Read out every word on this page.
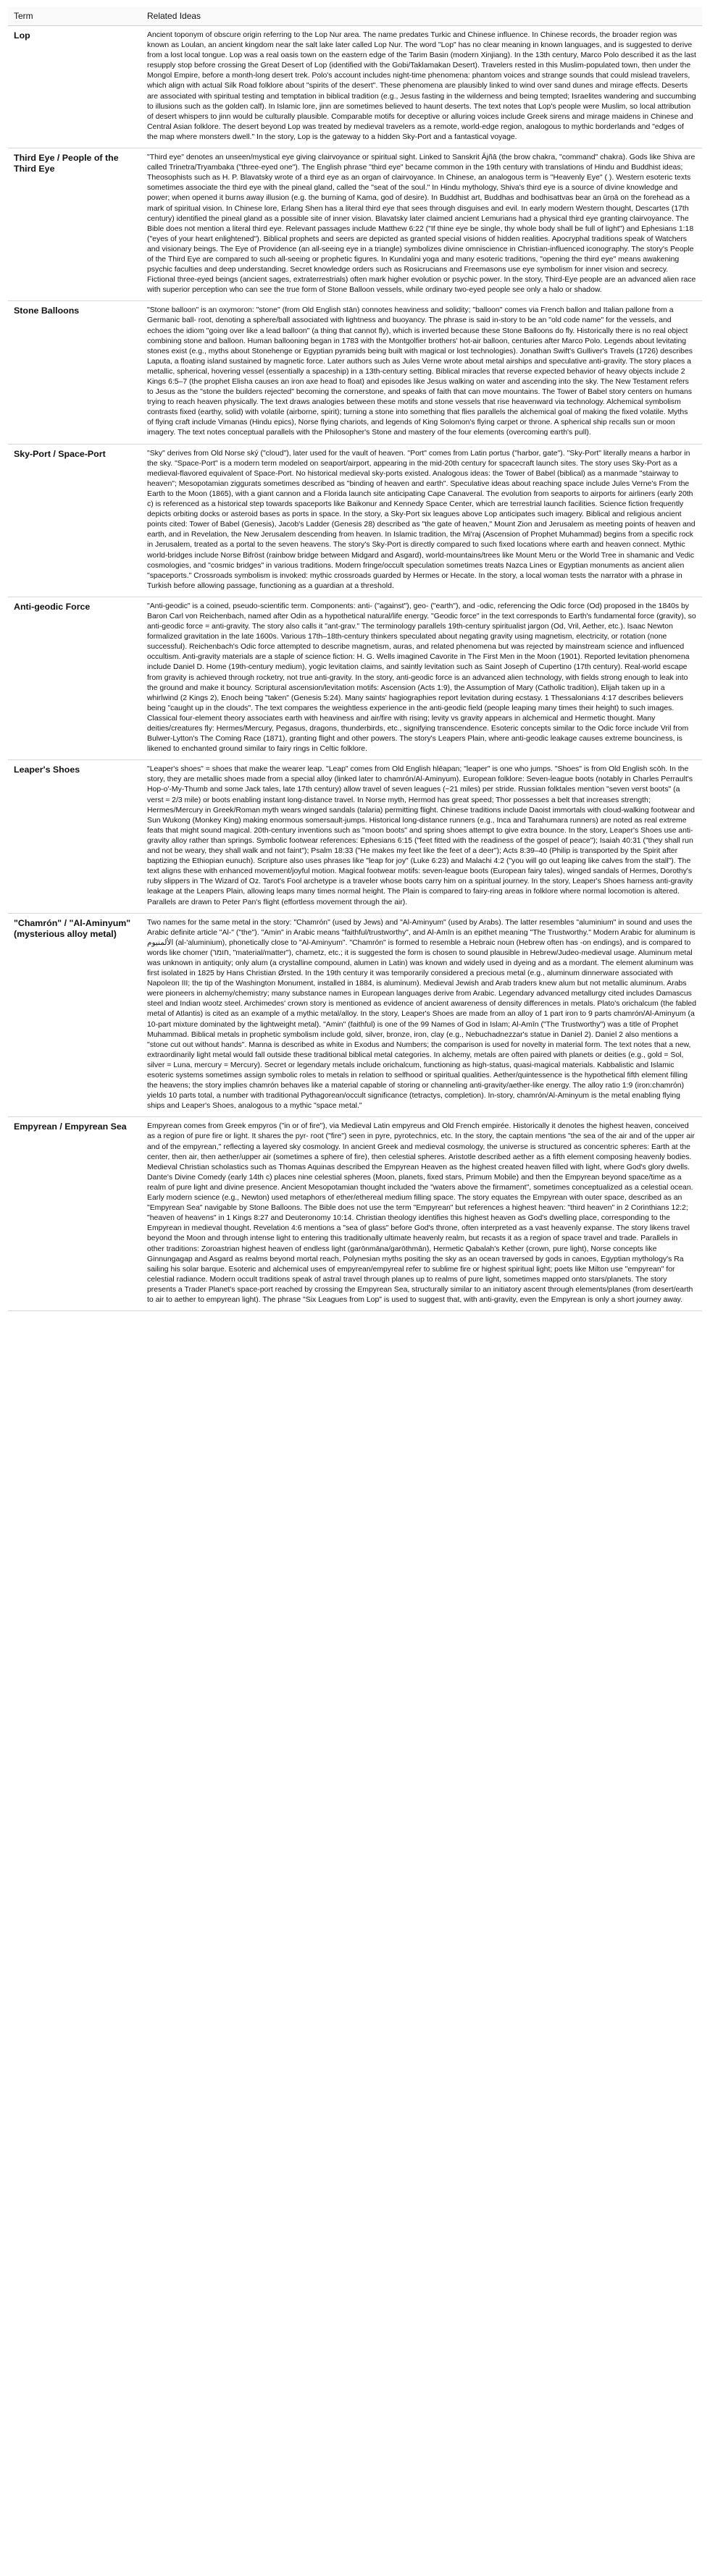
Term	Related Ideas
Lop	Ancient toponym of obscure origin referring to the Lop Nur area. The name predates Turkic and Chinese influence. In Chinese records, the broader region was known as Loulan, an ancient kingdom near the salt lake later called Lop Nur. The word "Lop" has no clear meaning in known languages, and is suggested to derive from a lost local tongue. Lop was a real oasis town on the eastern edge of the Tarim Basin (modern Xinjiang). In the 13th century, Marco Polo described it as the last resupply stop before crossing the Great Desert of Lop (identified with the Gobi/Taklamakan Desert). Travelers rested in this Muslim-populated town, then under the Mongol Empire, before a month-long desert trek. Polo's account includes night-time phenomena: phantom voices and strange sounds that could mislead travelers, which align with actual Silk Road folklore about "spirits of the desert". These phenomena are plausibly linked to wind over sand dunes and mirage effects. Deserts are associated with spiritual testing and temptation in biblical tradition (e.g., Jesus fasting in the wilderness and being tempted; Israelites wandering and succumbing to illusions such as the golden calf). In Islamic lore, jinn are sometimes believed to haunt deserts. The text notes that Lop's people were Muslim, so local attribution of desert whispers to jinn would be culturally plausible. Comparable motifs for deceptive or alluring voices include Greek sirens and mirage maidens in Chinese and Central Asian folklore. The desert beyond Lop was treated by medieval travelers as a remote, world-edge region, analogous to mythic borderlands and "edges of the map where monsters dwell." In the story, Lop is the gateway to a hidden Sky-Port and a fantastical voyage.
Third Eye / People of the Third Eye	"Third eye" denotes an unseen/mystical eye giving clairvoyance or spiritual sight. Linked to Sanskrit Ājñā (the brow chakra, "command" chakra). Gods like Shiva are called Trinetra/Tryambaka ("three-eyed one"). The English phrase "third eye" became common in the 19th century with translations of Hindu and Buddhist ideas; Theosophists such as H. P. Blavatsky wrote of a third eye as an organ of clairvoyance. In Chinese, an analogous term is "Heavenly Eye" ( ). Western esoteric texts sometimes associate the third eye with the pineal gland, called the "seat of the soul." In Hindu mythology, Shiva's third eye is a source of divine knowledge and power; when opened it burns away illusion (e.g. the burning of Kama, god of desire). In Buddhist art, Buddhas and bodhisattvas bear an ūrṇā on the forehead as a mark of spiritual vision. In Chinese lore, Erlang Shen has a literal third eye that sees through disguises and evil. In early modern Western thought, Descartes (17th century) identified the pineal gland as a possible site of inner vision. Blavatsky later claimed ancient Lemurians had a physical third eye granting clairvoyance. The Bible does not mention a literal third eye. Relevant passages include Matthew 6:22 ("If thine eye be single, thy whole body shall be full of light") and Ephesians 1:18 ("eyes of your heart enlightened"). Biblical prophets and seers are depicted as granted special visions of hidden realities. Apocryphal traditions speak of Watchers and visionary beings. The Eye of Providence (an all-seeing eye in a triangle) symbolizes divine omniscience in Christian-influenced iconography. The story's People of the Third Eye are compared to such all-seeing or prophetic figures. In Kundalini yoga and many esoteric traditions, "opening the third eye" means awakening psychic faculties and deep understanding. Secret knowledge orders such as Rosicrucians and Freemasons use eye symbolism for inner vision and secrecy. Fictional three-eyed beings (ancient sages, extraterrestrials) often mark higher evolution or psychic power. In the story, Third-Eye people are an advanced alien race with superior perception who can see the true form of Stone Balloon vessels, while ordinary two-eyed people see only a halo or shadow.
Stone Balloons	"Stone balloon" is an oxymoron: "stone" (from Old English stān) connotes heaviness and solidity; "balloon" comes via French ballon and Italian pallone from a Germanic ball- root, denoting a sphere/ball associated with lightness and buoyancy. The phrase is said in-story to be an "old code name" for the vessels, and echoes the idiom "going over like a lead balloon" (a thing that cannot fly), which is inverted because these Stone Balloons do fly. Historically there is no real object combining stone and balloon. Human ballooning began in 1783 with the Montgolfier brothers' hot-air balloon, centuries after Marco Polo. Legends about levitating stones exist (e.g., myths about Stonehenge or Egyptian pyramids being built with magical or lost technologies). Jonathan Swift's Gulliver's Travels (1726) describes Laputa, a floating island sustained by magnetic force. Later authors such as Jules Verne wrote about metal airships and speculative anti-gravity. The story places a metallic, spherical, hovering vessel (essentially a spaceship) in a 13th-century setting. Biblical miracles that reverse expected behavior of heavy objects include 2 Kings 6:5–7 (the prophet Elisha causes an iron axe head to float) and episodes like Jesus walking on water and ascending into the sky. The New Testament refers to Jesus as the "stone the builders rejected" becoming the cornerstone, and speaks of faith that can move mountains. The Tower of Babel story centers on humans trying to reach heaven physically. The text draws analogies between these motifs and stone vessels that rise heavenward via technology. Alchemical symbolism contrasts fixed (earthy, solid) with volatile (airborne, spirit); turning a stone into something that flies parallels the alchemical goal of making the fixed volatile. Myths of flying craft include Vimanas (Hindu epics), Norse flying chariots, and legends of King Solomon's flying carpet or throne. A spherical ship recalls sun or moon imagery. The text notes conceptual parallels with the Philosopher's Stone and mastery of the four elements (overcoming earth's pull).
Sky-Port / Space-Port	"Sky" derives from Old Norse ský ("cloud"), later used for the vault of heaven. "Port" comes from Latin portus ("harbor, gate"). "Sky-Port" literally means a harbor in the sky. "Space-Port" is a modern term modeled on seaport/airport, appearing in the mid-20th century for spacecraft launch sites. The story uses Sky-Port as a medieval-flavored equivalent of Space-Port. No historical medieval sky-ports existed. Analogous ideas: the Tower of Babel (biblical) as a manmade "stairway to heaven"; Mesopotamian ziggurats sometimes described as "binding of heaven and earth". Speculative ideas about reaching space include Jules Verne's From the Earth to the Moon (1865), with a giant cannon and a Florida launch site anticipating Cape Canaveral. The evolution from seaports to airports for airliners (early 20th c) is referenced as a historical step towards spaceports like Baikonur and Kennedy Space Center, which are terrestrial launch facilities. Science fiction frequently depicts orbiting docks or asteroid bases as ports in space. In the story, a Sky-Port six leagues above Lop anticipates such imagery. Biblical and religious ancient points cited: Tower of Babel (Genesis), Jacob's Ladder (Genesis 28) described as "the gate of heaven," Mount Zion and Jerusalem as meeting points of heaven and earth, and in Revelation, the New Jerusalem descending from heaven. In Islamic tradition, the Mi'raj (Ascension of Prophet Muhammad) begins from a specific rock in Jerusalem, treated as a portal to the seven heavens. The story's Sky-Port is directly compared to such fixed locations where earth and heaven connect. Mythic world-bridges include Norse Bifröst (rainbow bridge between Midgard and Asgard), world-mountains/trees like Mount Meru or the World Tree in shamanic and Vedic cosmologies, and "cosmic bridges" in various traditions. Modern fringe/occult speculation sometimes treats Nazca Lines or Egyptian monuments as ancient alien "spaceports." Crossroads symbolism is invoked: mythic crossroads guarded by Hermes or Hecate. In the story, a local woman tests the narrator with a phrase in Turkish before allowing passage, functioning as a guardian at a threshold.
Anti-geodic Force	"Anti-geodic" is a coined, pseudo-scientific term. Components: anti- ("against"), geo- ("earth"), and -odic, referencing the Odic force (Od) proposed in the 1840s by Baron Carl von Reichenbach, named after Odin as a hypothetical natural/life energy. "Geodic force" in the text corresponds to Earth's fundamental force (gravity), so anti-geodic force = anti-gravity. The story also calls it "ant-grav." The terminology parallels 19th-century spiritualist jargon (Od, Vril, Aether, etc.). Isaac Newton formalized gravitation in the late 1600s. Various 17th–18th-century thinkers speculated about negating gravity using magnetism, electricity, or rotation (none successful). Reichenbach's Odic force attempted to describe magnetism, auras, and related phenomena but was rejected by mainstream science and influenced occultism. Anti-gravity materials are a staple of science fiction: H. G. Wells imagined Cavorite in The First Men in the Moon (1901). Reported levitation phenomena include Daniel D. Home (19th-century medium), yogic levitation claims, and saintly levitation such as Saint Joseph of Cupertino (17th century). Real-world escape from gravity is achieved through rocketry, not true anti-gravity. In the story, anti-geodic force is an advanced alien technology, with fields strong enough to leak into the ground and make it bouncy. Scriptural ascension/levitation motifs: Ascension (Acts 1:9), the Assumption of Mary (Catholic tradition), Elijah taken up in a whirlwind (2 Kings 2), Enoch being "taken" (Genesis 5:24). Many saints' hagiographies report levitation during ecstasy. 1 Thessalonians 4:17 describes believers being "caught up in the clouds". The text compares the weightless experience in the anti-geodic field (people leaping many times their height) to such images. Classical four-element theory associates earth with heaviness and air/fire with rising; levity vs gravity appears in alchemical and Hermetic thought. Many deities/creatures fly: Hermes/Mercury, Pegasus, dragons, thunderbirds, etc., signifying transcendence. Esoteric concepts similar to the Odic force include Vril from Bulwer-Lytton's The Coming Race (1871), granting flight and other powers. The story's Leapers Plain, where anti-geodic leakage causes extreme bounciness, is likened to enchanted ground similar to fairy rings in Celtic folklore.
Leaper's Shoes	"Leaper's shoes" = shoes that make the wearer leap. "Leap" comes from Old English hlēapan; "leaper" is one who jumps. "Shoes" is from Old English scōh. In the story, they are metallic shoes made from a special alloy (linked later to chamrón/Al-Aminyum). European folklore: Seven-league boots (notably in Charles Perrault's Hop-o'-My-Thumb and some Jack tales, late 17th century) allow travel of seven leagues (~21 miles) per stride. Russian folktales mention "seven verst boots" (a verst ≈ 2/3 mile) or boots enabling instant long-distance travel. In Norse myth, Hermod has great speed; Thor possesses a belt that increases strength; Hermes/Mercury in Greek/Roman myth wears winged sandals (talaria) permitting flight. Chinese traditions include Daoist immortals with cloud-walking footwear and Sun Wukong (Monkey King) making enormous somersault-jumps. Historical long-distance runners (e.g., Inca and Tarahumara runners) are noted as real extreme feats that might sound magical. 20th-century inventions such as "moon boots" and spring shoes attempt to give extra bounce. In the story, Leaper's Shoes use anti-gravity alloy rather than springs. Symbolic footwear references: Ephesians 6:15 ("feet fitted with the readiness of the gospel of peace"); Isaiah 40:31 ("they shall run and not be weary, they shall walk and not faint"); Psalm 18:33 ("He makes my feet like the feet of a deer"); Acts 8:39–40 (Philip is transported by the Spirit after baptizing the Ethiopian eunuch). Scripture also uses phrases like "leap for joy" (Luke 6:23) and Malachi 4:2 ("you will go out leaping like calves from the stall"). The text aligns these with enhanced movement/joyful motion. Magical footwear motifs: seven-league boots (European fairy tales), winged sandals of Hermes, Dorothy's ruby slippers in The Wizard of Oz. Tarot's Fool archetype is a traveler whose boots carry him on a spiritual journey. In the story, Leaper's Shoes harness anti-gravity leakage at the Leapers Plain, allowing leaps many times normal height. The Plain is compared to fairy-ring areas in folklore where normal locomotion is altered. Parallels are drawn to Peter Pan's flight (effortless movement through the air).
"Chamrón" / "Al-Aminyum" (mysterious alloy metal)	Two names for the same metal in the story: "Chamrón" (used by Jews) and "Al-Aminyum" (used by Arabs). The latter resembles "aluminium" in sound and uses the Arabic definite article "Al-" ("the"). "Amin" in Arabic means "faithful/trustworthy", and Al-Amīn is an epithet meaning "The Trustworthy." Modern Arabic for aluminum is الألمنيوم (al-'aluminium), phonetically close to "Al-Aminyum". "Chamrón" is formed to resemble a Hebraic noun (Hebrew often has -on endings), and is compared to words like chomer (חומר, "material/matter"), chametz, etc.; it is suggested the form is chosen to sound plausible in Hebrew/Judeo-medieval usage. Aluminum metal was unknown in antiquity; only alum (a crystalline compound, alumen in Latin) was known and widely used in dyeing and as a mordant. The element aluminum was first isolated in 1825 by Hans Christian Ørsted. In the 19th century it was temporarily considered a precious metal (e.g., aluminum dinnerware associated with Napoleon III; the tip of the Washington Monument, installed in 1884, is aluminum). Medieval Jewish and Arab traders knew alum but not metallic aluminum. Arabs were pioneers in alchemy/chemistry; many substance names in European languages derive from Arabic. Legendary advanced metallurgy cited includes Damascus steel and Indian wootz steel. Archimedes' crown story is mentioned as evidence of ancient awareness of density differences in metals. Plato's orichalcum (the fabled metal of Atlantis) is cited as an example of a mythic metal/alloy. In the story, Leaper's Shoes are made from an alloy of 1 part iron to 9 parts chamrón/Al-Aminyum (a 10-part mixture dominated by the lightweight metal). "Amin" (faithful) is one of the 99 Names of God in Islam; Al-Amīn ("The Trustworthy") was a title of Prophet Muhammad. Biblical metals in prophetic symbolism include gold, silver, bronze, iron, clay (e.g., Nebuchadnezzar's statue in Daniel 2). Daniel 2 also mentions a "stone cut out without hands". Manna is described as white in Exodus and Numbers; the comparison is used for novelty in material form. The text notes that a new, extraordinarily light metal would fall outside these traditional biblical metal categories. In alchemy, metals are often paired with planets or deities (e.g., gold = Sol, silver = Luna, mercury = Mercury). Secret or legendary metals include orichalcum, functioning as high-status, quasi-magical materials. Kabbalistic and Islamic esoteric systems sometimes assign symbolic roles to metals in relation to selfhood or spiritual qualities. Aether/quintessence is the hypothetical fifth element filling the heavens; the story implies chamrón behaves like a material capable of storing or channeling anti-gravity/aether-like energy. The alloy ratio 1:9 (iron:chamrón) yields 10 parts total, a number with traditional Pythagorean/occult significance (tetractys, completion). In-story, chamrón/Al-Aminyum is the metal enabling flying ships and Leaper's Shoes, analogous to a mythic "space metal."
Empyrean / Empyrean Sea	Empyrean comes from Greek empyros ("in or of fire"), via Medieval Latin empyreus and Old French empirée. Historically it denotes the highest heaven, conceived as a region of pure fire or light. It shares the pyr- root ("fire") seen in pyre, pyrotechnics, etc. In the story, the captain mentions "the sea of the air and of the upper air and of the empyrean," reflecting a layered sky cosmology. In ancient Greek and medieval cosmology, the universe is structured as concentric spheres: Earth at the center, then air, then aether/upper air (sometimes a sphere of fire), then celestial spheres. Aristotle described aether as a fifth element composing heavenly bodies. Medieval Christian scholastics such as Thomas Aquinas described the Empyrean Heaven as the highest created heaven filled with light, where God's glory dwells. Dante's Divine Comedy (early 14th c) places nine celestial spheres (Moon, planets, fixed stars, Primum Mobile) and then the Empyrean beyond space/time as a realm of pure light and divine presence. Ancient Mesopotamian thought included the "waters above the firmament", sometimes conceptualized as a celestial ocean. Early modern science (e.g., Newton) used metaphors of ether/ethereal medium filling space. The story equates the Empyrean with outer space, described as an "Empyrean Sea" navigable by Stone Balloons. The Bible does not use the term "Empyrean" but references a highest heaven: "third heaven" in 2 Corinthians 12:2; "heaven of heavens" in 1 Kings 8:27 and Deuteronomy 10:14. Christian theology identifies this highest heaven as God's dwelling place, corresponding to the Empyrean in medieval thought. Revelation 4:6 mentions a "sea of glass" before God's throne, often interpreted as a vast heavenly expanse. The story likens travel beyond the Moon and through intense light to entering this traditionally ultimate heavenly realm, but recasts it as a region of space travel and trade. Parallels in other traditions: Zoroastrian highest heaven of endless light (garōnmāna/garōthmān), Hermetic Qabalah's Kether (crown, pure light), Norse concepts like Ginnungagap and Asgard as realms beyond mortal reach, Polynesian myths positing the sky as an ocean traversed by gods in canoes, Egyptian mythology's Ra sailing his solar barque. Esoteric and alchemical uses of empyrean/empyreal refer to sublime fire or highest spiritual light; poets like Milton use "empyrean" for celestial radiance. Modern occult traditions speak of astral travel through planes up to realms of pure light, sometimes mapped onto stars/planets. The story presents a Trader Planet's space-port reached by crossing the Empyrean Sea, structurally similar to an initiatory ascent through elements/planes (from desert/earth to air to aether to empyrean light). The phrase "Six Leagues from Lop" is used to suggest that, with anti-gravity, even the Empyrean is only a short journey away.
